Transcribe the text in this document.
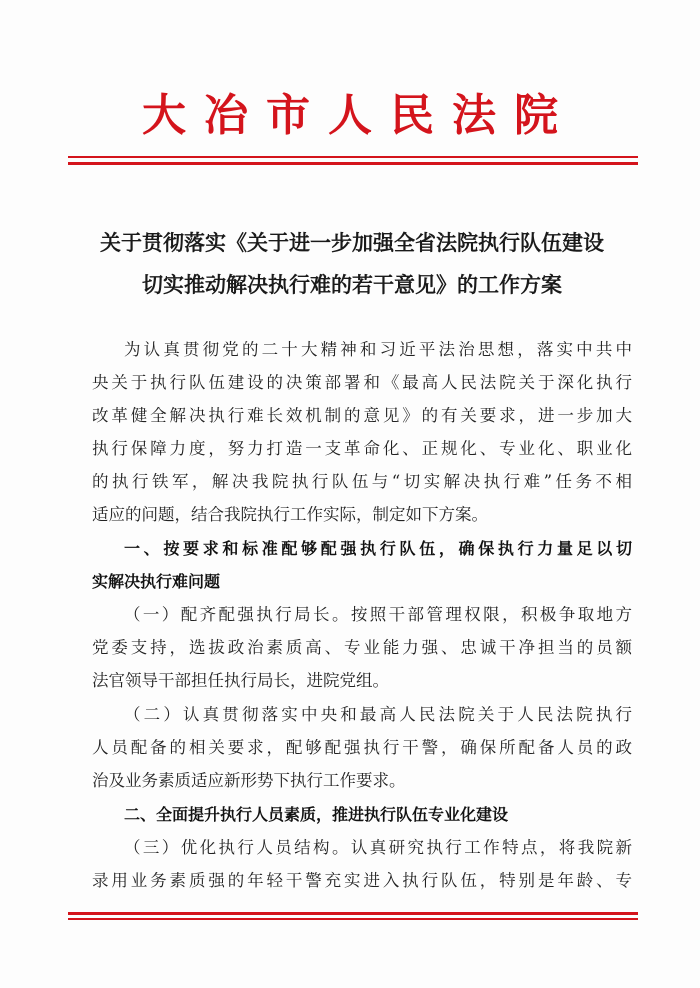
大冶市人民法院
关于贯彻落实《关于进一步加强全省法院执行队伍建设
切实推动解决执行难的若干意见》的工作方案
为认真贯彻党的二十大精神和习近平法治思想，落实中共中
央关于执行队伍建设的决策部署和《最高人民法院关于深化执行
改革健全解决执行难长效机制的意见》的有关要求，进一步加大
执行保障力度，努力打造一支革命化、正规化、专业化、职业化
的执行铁军，解决我院执行队伍与“切实解决执行难”任务不相
适应的问题，结合我院执行工作实际，制定如下方案。
一、按要求和标准配够配强执行队伍，确保执行力量足以切
实解决执行难问题
（一）配齐配强执行局长。按照干部管理权限，积极争取地方
党委支持，选拔政治素质高、专业能力强、忠诚干净担当的员额
法官领导干部担任执行局长，进院党组。
（二）认真贯彻落实中央和最高人民法院关于人民法院执行
人员配备的相关要求，配够配强执行干警，确保所配备人员的政
治及业务素质适应新形势下执行工作要求。
二、全面提升执行人员素质，推进执行队伍专业化建设
（三）优化执行人员结构。认真研究执行工作特点，将我院新
录用业务素质强的年轻干警充实进入执行队伍，特别是年龄、专
